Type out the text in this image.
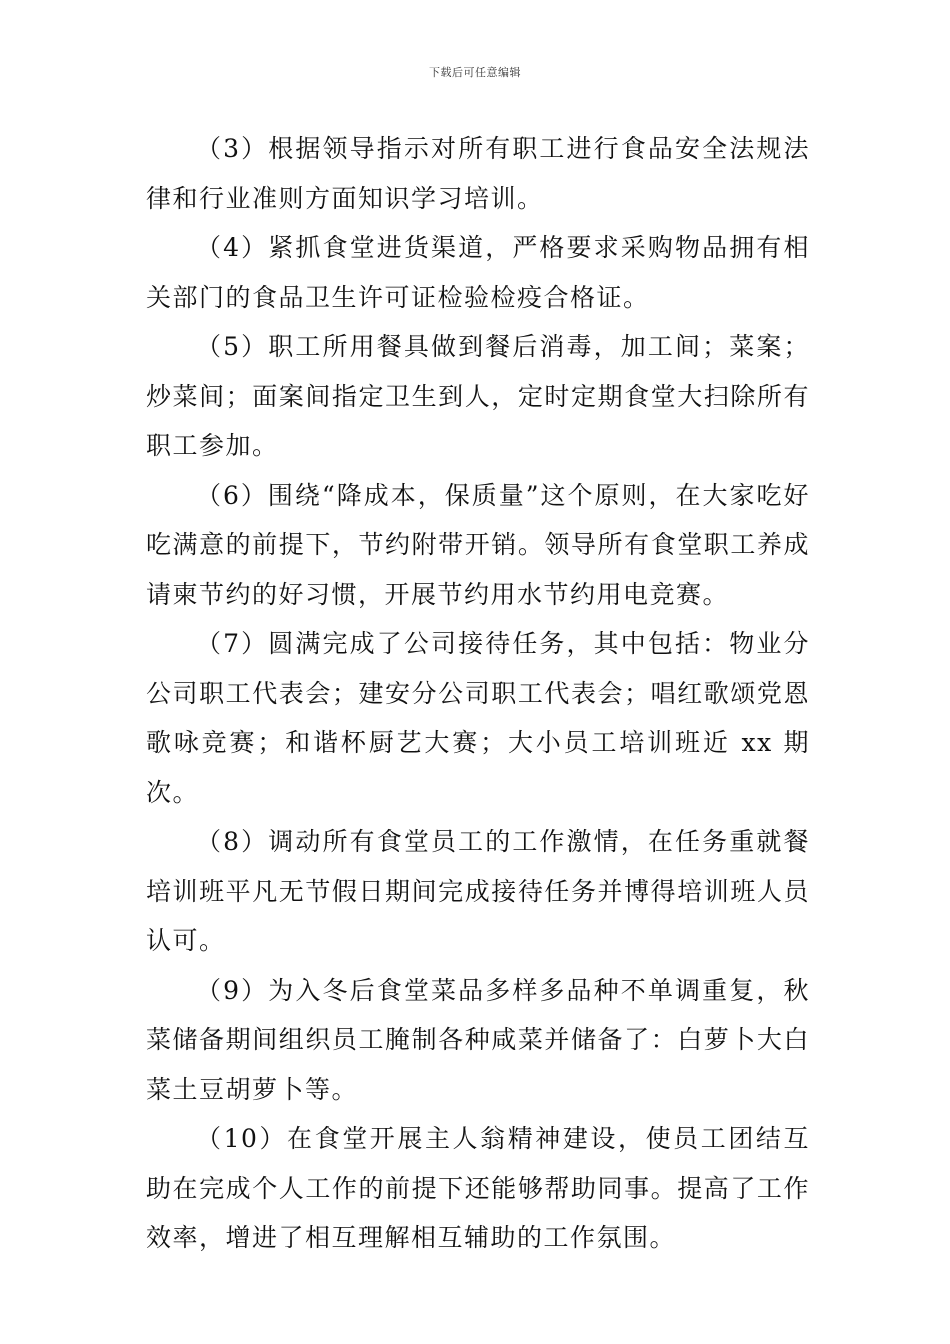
下载后可任意编辑

（3）根据领导指示对所有职工进行食品安全法规法律和行业准则方面知识学习培训。

（4）紧抓食堂进货渠道，严格要求采购物品拥有相关部门的食品卫生许可证检验检疫合格证。

（5）职工所用餐具做到餐后消毒，加工间；菜案；炒菜间；面案间指定卫生到人，定时定期食堂大扫除所有职工参加。

（6）围绕“降成本，保质量”这个原则，在大家吃好吃满意的前提下，节约附带开销。领导所有食堂职工养成请柬节约的好习惯，开展节约用水节约用电竞赛。

（7）圆满完成了公司接待任务，其中包括：物业分公司职工代表会；建安分公司职工代表会；唱红歌颂党恩歌咏竞赛；和谐杯厨艺大赛；大小员工培训班近 xx 期次。

（8）调动所有食堂员工的工作激情，在任务重就餐培训班平凡无节假日期间完成接待任务并博得培训班人员认可。

（9）为入冬后食堂菜品多样多品种不单调重复，秋菜储备期间组织员工腌制各种咸菜并储备了：白萝卜大白菜土豆胡萝卜等。

（10）在食堂开展主人翁精神建设，使员工团结互助在完成个人工作的前提下还能够帮助同事。提高了工作效率，增进了相互理解相互辅助的工作氛围。
